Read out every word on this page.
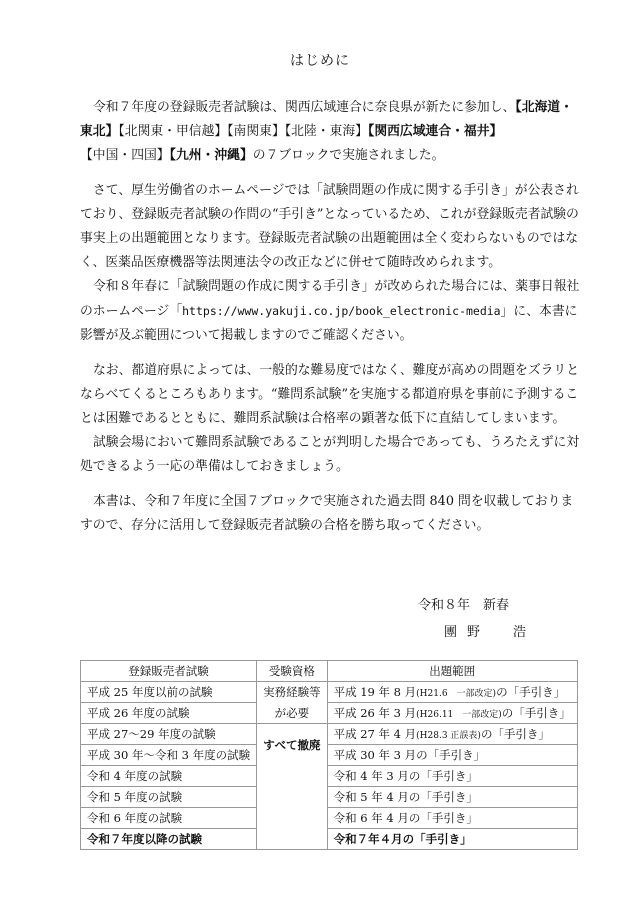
はじめに

令和７年度の登録販売者試験は、関西広域連合に奈良県が新たに参加し、【北海道・東北】【北関東・甲信越】【南関東】【北陸・東海】【関西広域連合・福井】【中国・四国】【九州・沖縄】の７ブロックで実施されました。

さて、厚生労働省のホームページでは「試験問題の作成に関する手引き」が公表されており、登録販売者試験の作問の“手引き”となっているため、これが登録販売者試験の事実上の出題範囲となります。登録販売者試験の出題範囲は全く変わらないものではなく、医薬品医療機器等法関連法令の改正などに併せて随時改められます。

令和８年春に「試験問題の作成に関する手引き」が改められた場合には、薬事日報社のホームページ「https://www.yakuji.co.jp/book_electronic-media」に、本書に影響が及ぶ範囲について掲載しますのでご確認ください。

なお、都道府県によっては、一般的な難易度ではなく、難度が高めの問題をズラリとならべてくるところもあります。“難問系試験”を実施する都道府県を事前に予測することは困難であるとともに、難問系試験は合格率の顕著な低下に直結してしまいます。

試験会場において難問系試験であることが判明した場合であっても、うろたえずに対処できるよう一応の準備はしておきましょう。

本書は、令和７年度に全国７ブロックで実施された過去問 840 問を収載しておりますので、存分に活用して登録販売者試験の合格を勝ち取ってください。

令和８年　新春
團野　浩
登録販売者試験	受験資格	出題範囲
平成 25 年度以前の試験	実務経験等	平成 19 年 8 月(H21.6　一部改定)の「手引き」
平成 26 年度の試験	が必要	平成 26 年 3 月(H26.11　一部改定)の「手引き」
平成 27～29 年度の試験	すべて撤廃	平成 27 年 4 月(H28.3 正誤表)の「手引き」
平成 30 年～令和 3 年度の試験		平成 30 年 3 月の「手引き」
令和 4 年度の試験		令和 4 年 3 月の「手引き」
令和 5 年度の試験		令和 5 年 4 月の「手引き」
令和 6 年度の試験		令和 6 年 4 月の「手引き」
令和７年度以降の試験		令和７年４月の「手引き」
